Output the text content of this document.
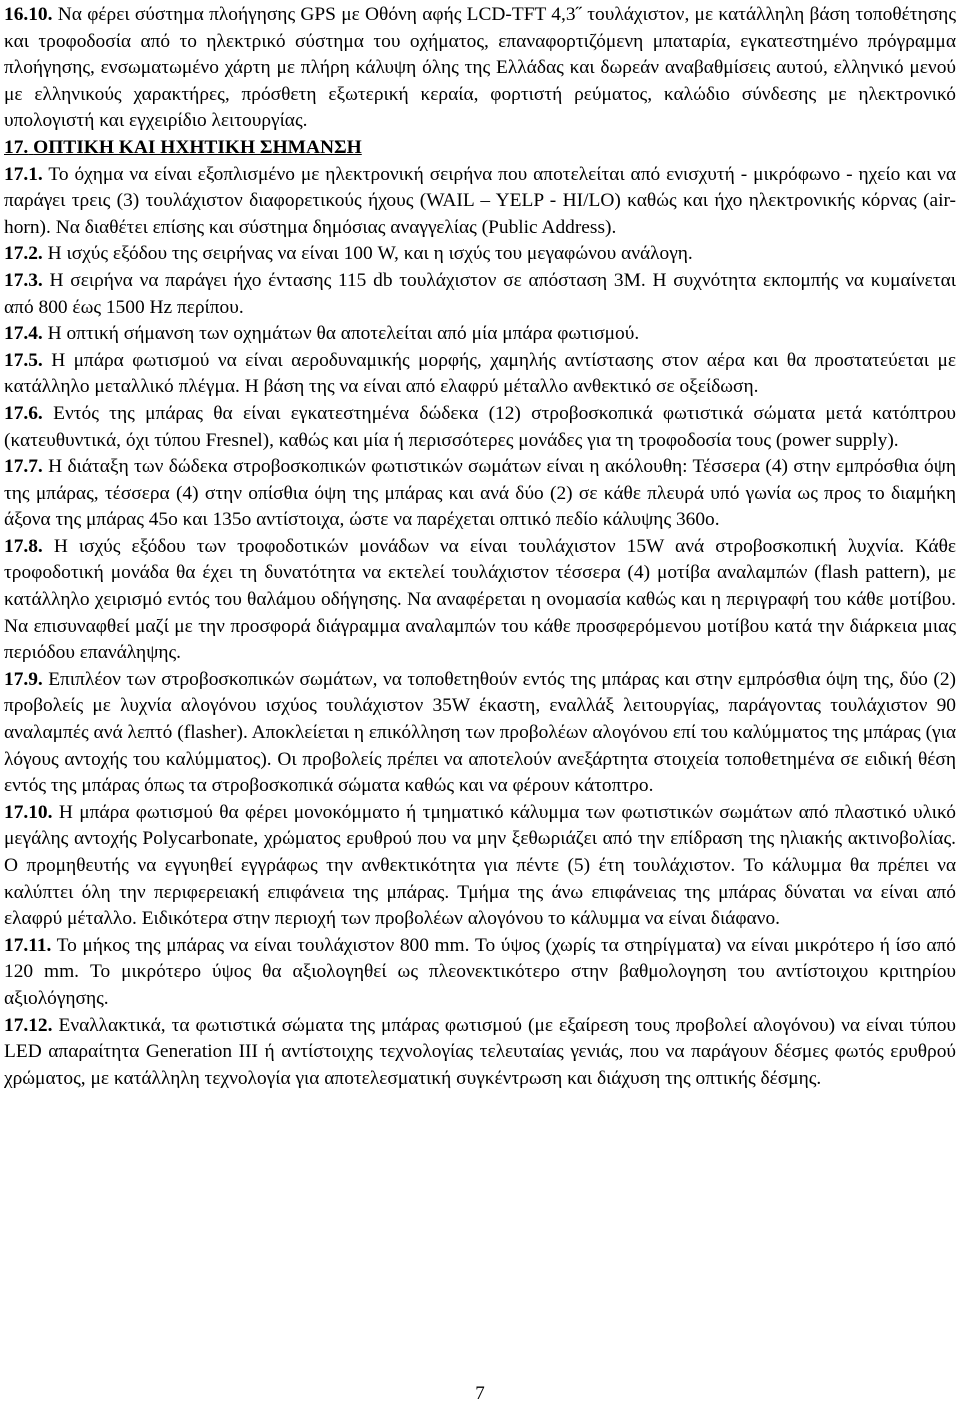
16.10. Να φέρει σύστημα πλοήγησης GPS με Οθόνη αφής LCD-TFT 4,3˝ τουλάχιστον, με κατάλληλη βάση τοποθέτησης και τροφοδοσία από το ηλεκτρικό σύστημα του οχήματος, επαναφορτιζόμενη μπαταρία, εγκατεστημένο πρόγραμμα πλοήγησης, ενσωματωμένο χάρτη με πλήρη κάλυψη όλης της Ελλάδας και δωρεάν αναβαθμίσεις αυτού, ελληνικό μενού με ελληνικούς χαρακτήρες, πρόσθετη εξωτερική κεραία, φορτιστή ρεύματος, καλώδιο σύνδεσης με ηλεκτρονικό υπολογιστή και εγχειρίδιο λειτουργίας.

17. ΟΠΤΙΚΗ ΚΑΙ ΗΧΗΤΙΚΗ ΣΗΜΑΝΣΗ

17.1. Το όχημα να είναι εξοπλισμένο με ηλεκτρονική σειρήνα που αποτελείται από ενισχυτή - μικρόφωνο - ηχείο και να παράγει τρεις (3) τουλάχιστον διαφορετικούς ήχους (WAIL – YELP - HI/LO) καθώς και ήχο ηλεκτρονικής κόρνας (air-horn). Να διαθέτει επίσης και σύστημα δημόσιας αναγγελίας (Public Address).

17.2. Η ισχύς εξόδου της σειρήνας να είναι 100 W, και η ισχύς του μεγαφώνου ανάλογη.

17.3. Η σειρήνα να παράγει ήχο έντασης 115 db τουλάχιστον σε απόσταση 3Μ. Η συχνότητα εκπομπής να κυμαίνεται από 800 έως 1500 Hz περίπου.

17.4. Η οπτική σήμανση των οχημάτων θα αποτελείται από μία μπάρα φωτισμού.

17.5. Η μπάρα φωτισμού να είναι αεροδυναμικής μορφής, χαμηλής αντίστασης στον αέρα και θα προστατεύεται με κατάλληλο μεταλλικό πλέγμα. Η βάση της να είναι από ελαφρύ μέταλλο ανθεκτικό σε οξείδωση.

17.6. Εντός της μπάρας θα είναι εγκατεστημένα δώδεκα (12) στροβοσκοπικά φωτιστικά σώματα μετά κατόπτρου (κατευθυντικά, όχι τύπου Fresnel), καθώς και μία ή περισσότερες μονάδες για τη τροφοδοσία τους (power supply).

17.7. Η διάταξη των δώδεκα στροβοσκοπικών φωτιστικών σωμάτων είναι η ακόλουθη: Τέσσερα (4) στην εμπρόσθια όψη της μπάρας, τέσσερα (4) στην οπίσθια όψη της μπάρας και ανά δύο (2) σε κάθε πλευρά υπό γωνία ως προς το διαμήκη άξονα της μπάρας 45ο και 135ο αντίστοιχα, ώστε να παρέχεται οπτικό πεδίο κάλυψης 360ο.

17.8. Η ισχύς εξόδου των τροφοδοτικών μονάδων να είναι τουλάχιστον 15W ανά στροβοσκοπική λυχνία. Κάθε τροφοδοτική μονάδα θα έχει τη δυνατότητα να εκτελεί τουλάχιστον τέσσερα (4) μοτίβα αναλαμπών (flash pattern), με κατάλληλο χειρισμό εντός του θαλάμου οδήγησης. Να αναφέρεται η ονομασία καθώς και η περιγραφή του κάθε μοτίβου. Να επισυναφθεί μαζί με την προσφορά διάγραμμα αναλαμπών του κάθε προσφερόμενου μοτίβου κατά την διάρκεια μιας περιόδου επανάληψης.

17.9. Επιπλέον των στροβοσκοπικών σωμάτων, να τοποθετηθούν εντός της μπάρας και στην εμπρόσθια όψη της, δύο (2) προβολείς με λυχνία αλογόνου ισχύος τουλάχιστον 35W έκαστη, εναλλάξ λειτουργίας, παράγοντας τουλάχιστον 90 αναλαμπές ανά λεπτό (flasher). Αποκλείεται η επικόλληση των προβολέων αλογόνου επί του καλύμματος της μπάρας (για λόγους αντοχής του καλύμματος). Οι προβολείς πρέπει να αποτελούν ανεξάρτητα στοιχεία τοποθετημένα σε ειδική θέση εντός της μπάρας όπως τα στροβοσκοπικά σώματα καθώς και να φέρουν κάτοπτρο.

17.10. Η μπάρα φωτισμού θα φέρει μονοκόμματο ή τμηματικό κάλυμμα των φωτιστικών σωμάτων από πλαστικό υλικό μεγάλης αντοχής Polycarbonate, χρώματος ερυθρού που να μην ξεθωριάζει από την επίδραση της ηλιακής ακτινοβολίας. Ο προμηθευτής να εγγυηθεί εγγράφως την ανθεκτικότητα για πέντε (5) έτη τουλάχιστον. Το κάλυμμα θα πρέπει να καλύπτει όλη την περιφερειακή επιφάνεια της μπάρας. Τμήμα της άνω επιφάνειας της μπάρας δύναται να είναι από ελαφρύ μέταλλο. Ειδικότερα στην περιοχή των προβολέων αλογόνου το κάλυμμα να είναι διάφανο.

17.11. Το μήκος της μπάρας να είναι τουλάχιστον 800 mm. Το ύψος (χωρίς τα στηρίγματα) να είναι μικρότερο ή ίσο από 120 mm. Το μικρότερο ύψος θα αξιολογηθεί ως πλεονεκτικότερο στην βαθμολογηση του αντίστοιχου κριτηρίου αξιολόγησης.

17.12. Εναλλακτικά, τα φωτιστικά σώματα της μπάρας φωτισμού (με εξαίρεση τους προβολεί αλογόνου) να είναι τύπου LED απαραίτητα Generation III ή αντίστοιχης τεχνολογίας τελευταίας γενιάς, που να παράγουν δέσμες φωτός ερυθρού χρώματος, με κατάλληλη τεχνολογία για αποτελεσματική συγκέντρωση και διάχυση της οπτικής δέσμης.

7
